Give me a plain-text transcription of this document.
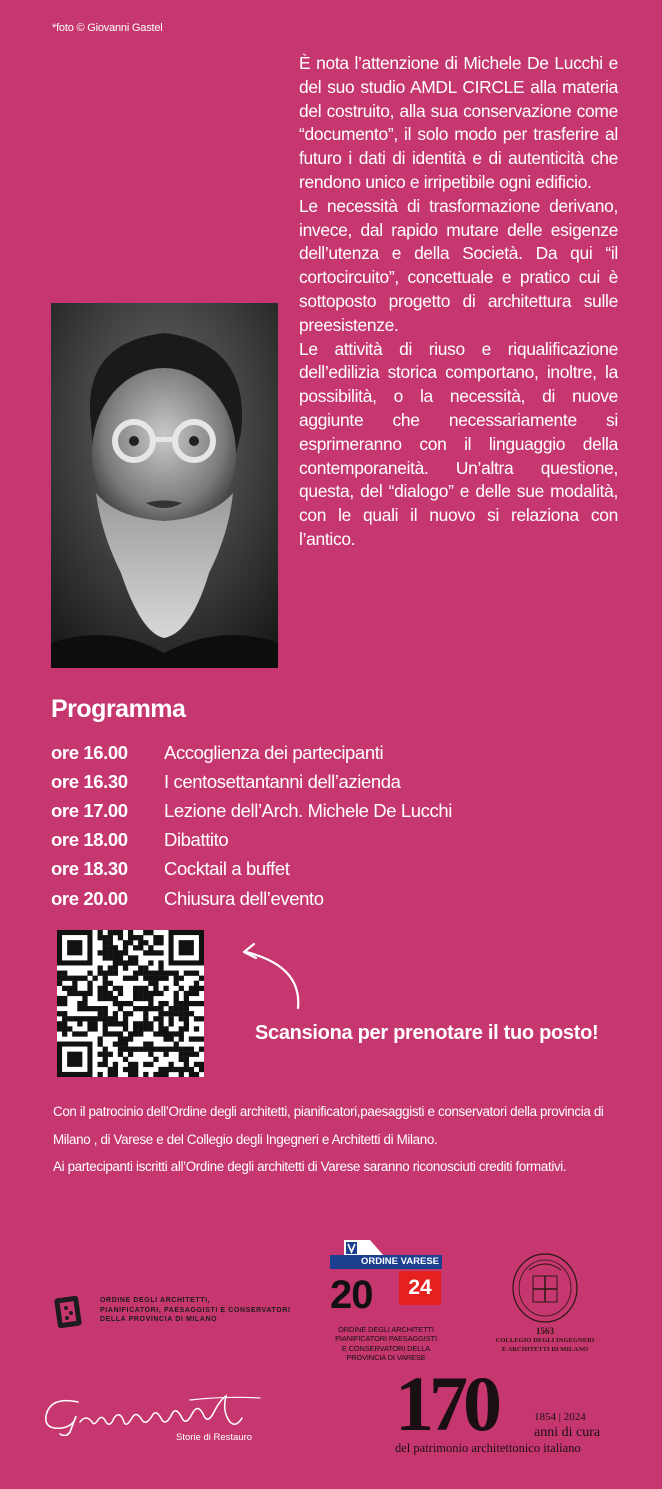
*foto © Giovanni Gastel

È nota l’attenzione di Michele De Lucchi e del suo studio AMDL CIRCLE alla materia del costruito, alla sua conservazione come “documento”, il solo modo per trasferire al futuro i dati di identità e di autenticità che rendono unico e irripetibile ogni edificio.

Le necessità di trasformazione derivano, invece, dal rapido mutare delle esigenze dell’utenza e della Società. Da qui “il cortocircuito”, concettuale e pratico cui è sottoposto progetto di architettura sulle preesistenze.

Le attività di riuso e riqualificazione dell’edilizia storica comportano, inoltre, la possibilità, o la necessità, di nuove aggiunte che necessariamente si esprimeranno con il linguaggio della contemporaneità. Un’altra questione, questa, del “dialogo” e delle sue modalità, con le quali il nuovo si relaziona con l’antico.

Programma
ore 16.00	Accoglienza dei partecipanti
ore 16.30	I centosettantanni dell’azienda
ore 17.00	Lezione dell’Arch. Michele De Lucchi
ore 18.00	Dibattito
ore 18.30	Cocktail a buffet
ore 20.00	Chiusura dell’evento
Scansiona per prenotare il tuo posto!

Con il patrocinio dell’Ordine degli architetti, pianificatori,paesaggisti e conservatori della provincia di Milano , di Varese e del Collegio degli Ingegneri e Architetti di Milano.

Ai partecipanti iscritti all’Ordine degli architetti di Varese saranno riconosciuti crediti formativi.

ORDINE DEGLI ARCHITETTI,
PIANIFICATORI, PAESAGGISTI E CONSERVATORI
DELLA PROVINCIA DI MILANO
ORDINE VARESE
20	24
ORDINE DEGLI ARCHITETTI
PIANIFICATORI PAESAGGISTI
E CONSERVATORI DELLA
PROVINCIA DI VARESE
1563
COLLEGIO DEGLI INGEGNERI
E ARCHITETTI DI MILANO
Storie di Restauro 170	1854 | 2024
anni di cura
del patrimonio architettonico italiano
